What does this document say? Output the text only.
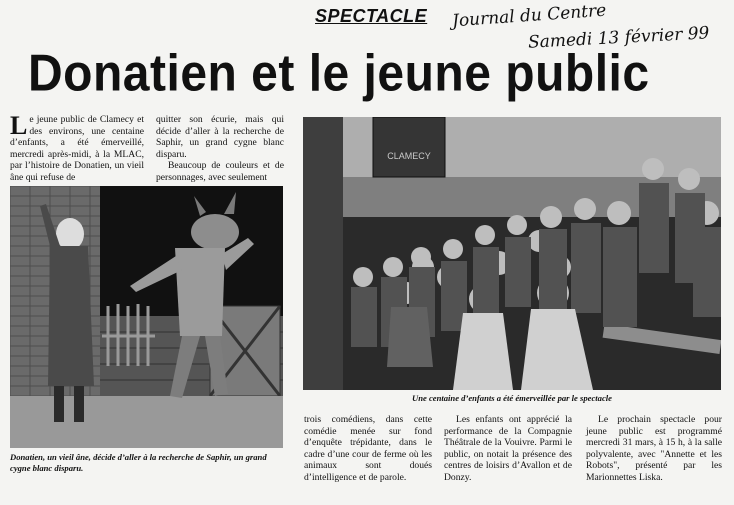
SPECTACLE Journal du Centre
Samedi 13 février 99
Donatien et le jeune public

Le jeune public de Clamecy et des environs, une centaine d’enfants, a été émerveillé, mercredi après-midi, à la MLAC, par l’histoire de Donatien, un vieil âne qui refuse de

quitter son écurie, mais qui décide d’aller à la recherche de Saphir, un grand cygne blanc disparu.

Beaucoup de couleurs et de personnages, avec seulement

CLAMECY
Une centaine d’enfants a été émerveillée par le spectacle
Donatien, un vieil âne, décide d’aller à la recherche de Saphir, un grand cygne blanc disparu.

trois comédiens, dans cette comédie menée sur fond d’enquête trépidante, dans le cadre d’une cour de ferme où les animaux sont doués d’intelligence et de parole.

Les enfants ont apprécié la performance de la Compagnie Théâtrale de la Vouivre. Parmi le public, on notait la présence des centres de loisirs d’Avallon et de Donzy.

Le prochain spectacle pour jeune public est programmé mercredi 31 mars, à 15 h, à la salle polyvalente, avec "Annette et les Robots", présenté par les Marionnettes Liska.
